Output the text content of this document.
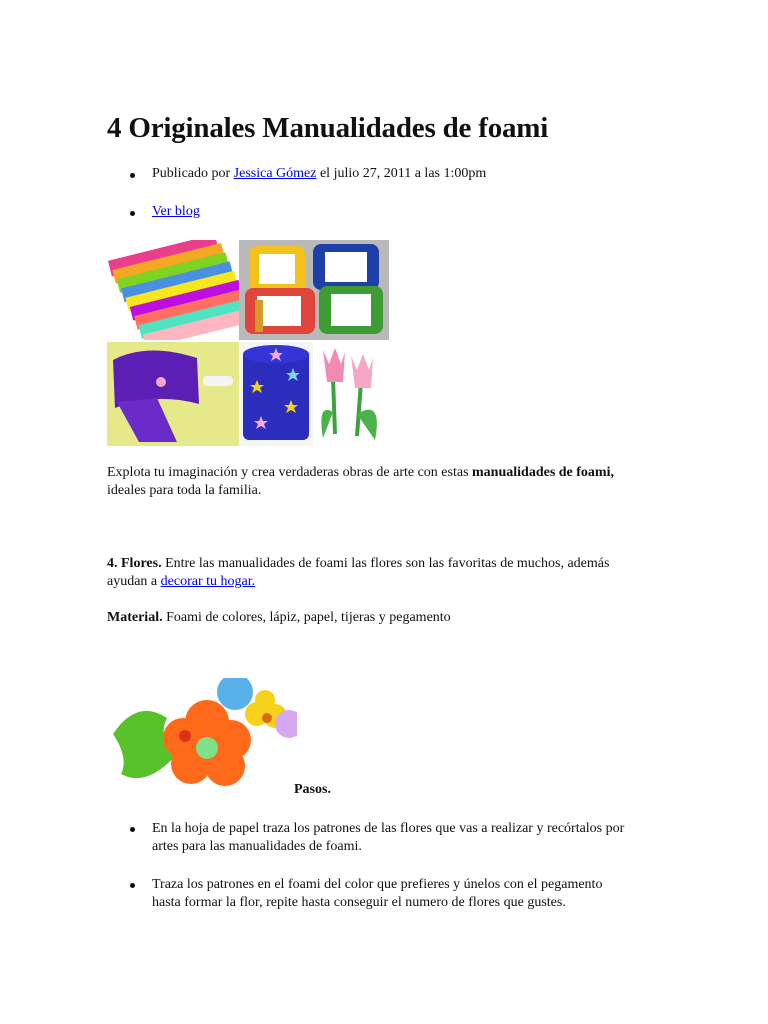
4 Originales Manualidades de foami
Publicado por Jessica Gómez el julio 27, 2011 a las 1:00pm
Ver blog

Explota tu imaginación y crea verdaderas obras de arte con estas manualidades de foami,
ideales para toda la familia.

4. Flores. Entre las manualidades de foami las flores son las favoritas de muchos, además
ayudan a decorar tu hogar.

Material. Foami de colores, lápiz, papel, tijeras y pegamento

Pasos.
En la hoja de papel traza los patrones de las flores que vas a realizar y recórtalos por
artes para las manualidades de foami.
Traza los patrones en el foami del color que prefieres y únelos con el pegamento
hasta formar la flor, repite hasta conseguir el numero de flores que gustes.
